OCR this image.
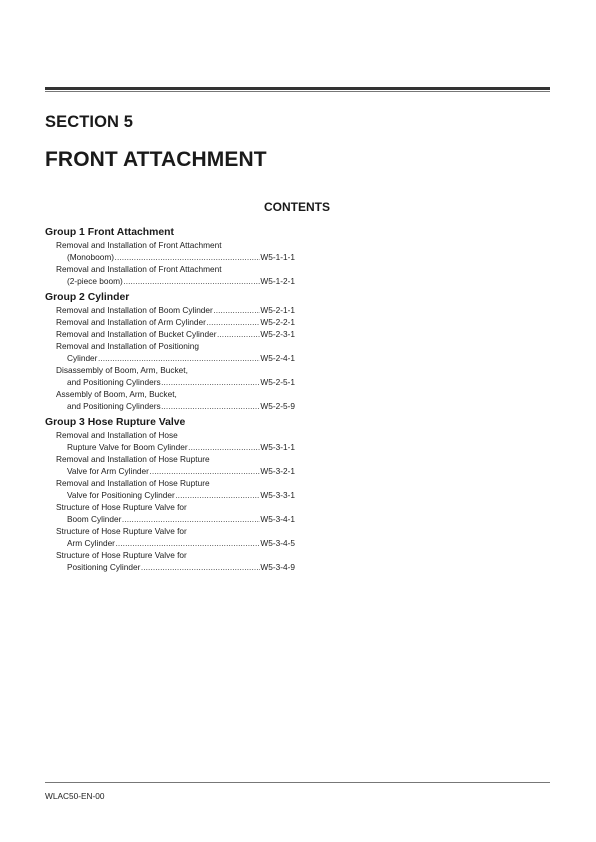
SECTION 5
FRONT ATTACHMENT
CONTENTS
Group 1 Front Attachment
Removal and Installation of Front Attachment
(Monoboom) .....	W5-1-1-1
Removal and Installation of Front Attachment
(2-piece boom) .....	W5-1-2-1
Group 2 Cylinder
Removal and Installation of Boom Cylinder .....	W5-2-1-1
Removal and Installation of Arm Cylinder .....	W5-2-2-1
Removal and Installation of Bucket Cylinder .....	W5-2-3-1
Removal and Installation of Positioning
Cylinder .....	W5-2-4-1
Disassembly of Boom, Arm, Bucket,
and Positioning Cylinders .....	W5-2-5-1
Assembly of Boom, Arm, Bucket,
and Positioning Cylinders .....	W5-2-5-9
Group 3 Hose Rupture Valve
Removal and Installation of Hose
Rupture Valve for Boom Cylinder .....	W5-3-1-1
Removal and Installation of Hose Rupture
Valve for Arm Cylinder .....	W5-3-2-1
Removal and Installation of Hose Rupture
Valve for Positioning Cylinder .....	W5-3-3-1
Structure of Hose Rupture Valve for
Boom Cylinder .....	W5-3-4-1
Structure of Hose Rupture Valve for
Arm Cylinder .....	W5-3-4-5
Structure of Hose Rupture Valve for
Positioning Cylinder .....	W5-3-4-9
WLAC50-EN-00
